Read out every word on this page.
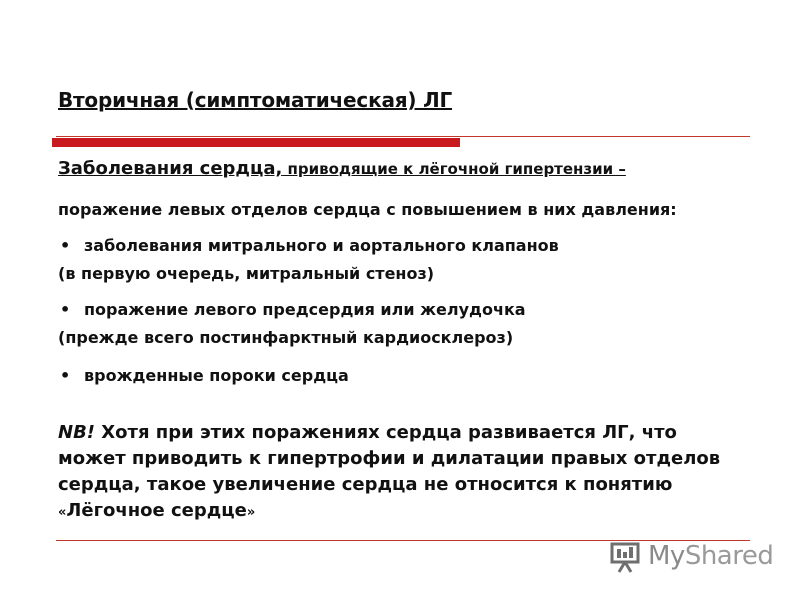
Вторичная (симптоматическая) ЛГ
Заболевания сердца, приводящие к лёгочной гипертензии –
поражение левых отделов сердца с повышением в них давления:
• заболевания митрального и аортального клапанов
(в первую очередь, митральный стеноз)
• поражение левого предсердия или желудочка
(прежде всего постинфарктный кардиосклероз)
• врожденные пороки сердца
NB! Хотя при этих поражениях сердца развивается ЛГ, что
может приводить к гипертрофии и дилатации правых отделов
сердца, такое увеличение сердца не относится к понятию
«Лёгочное сердце»
MyShared
